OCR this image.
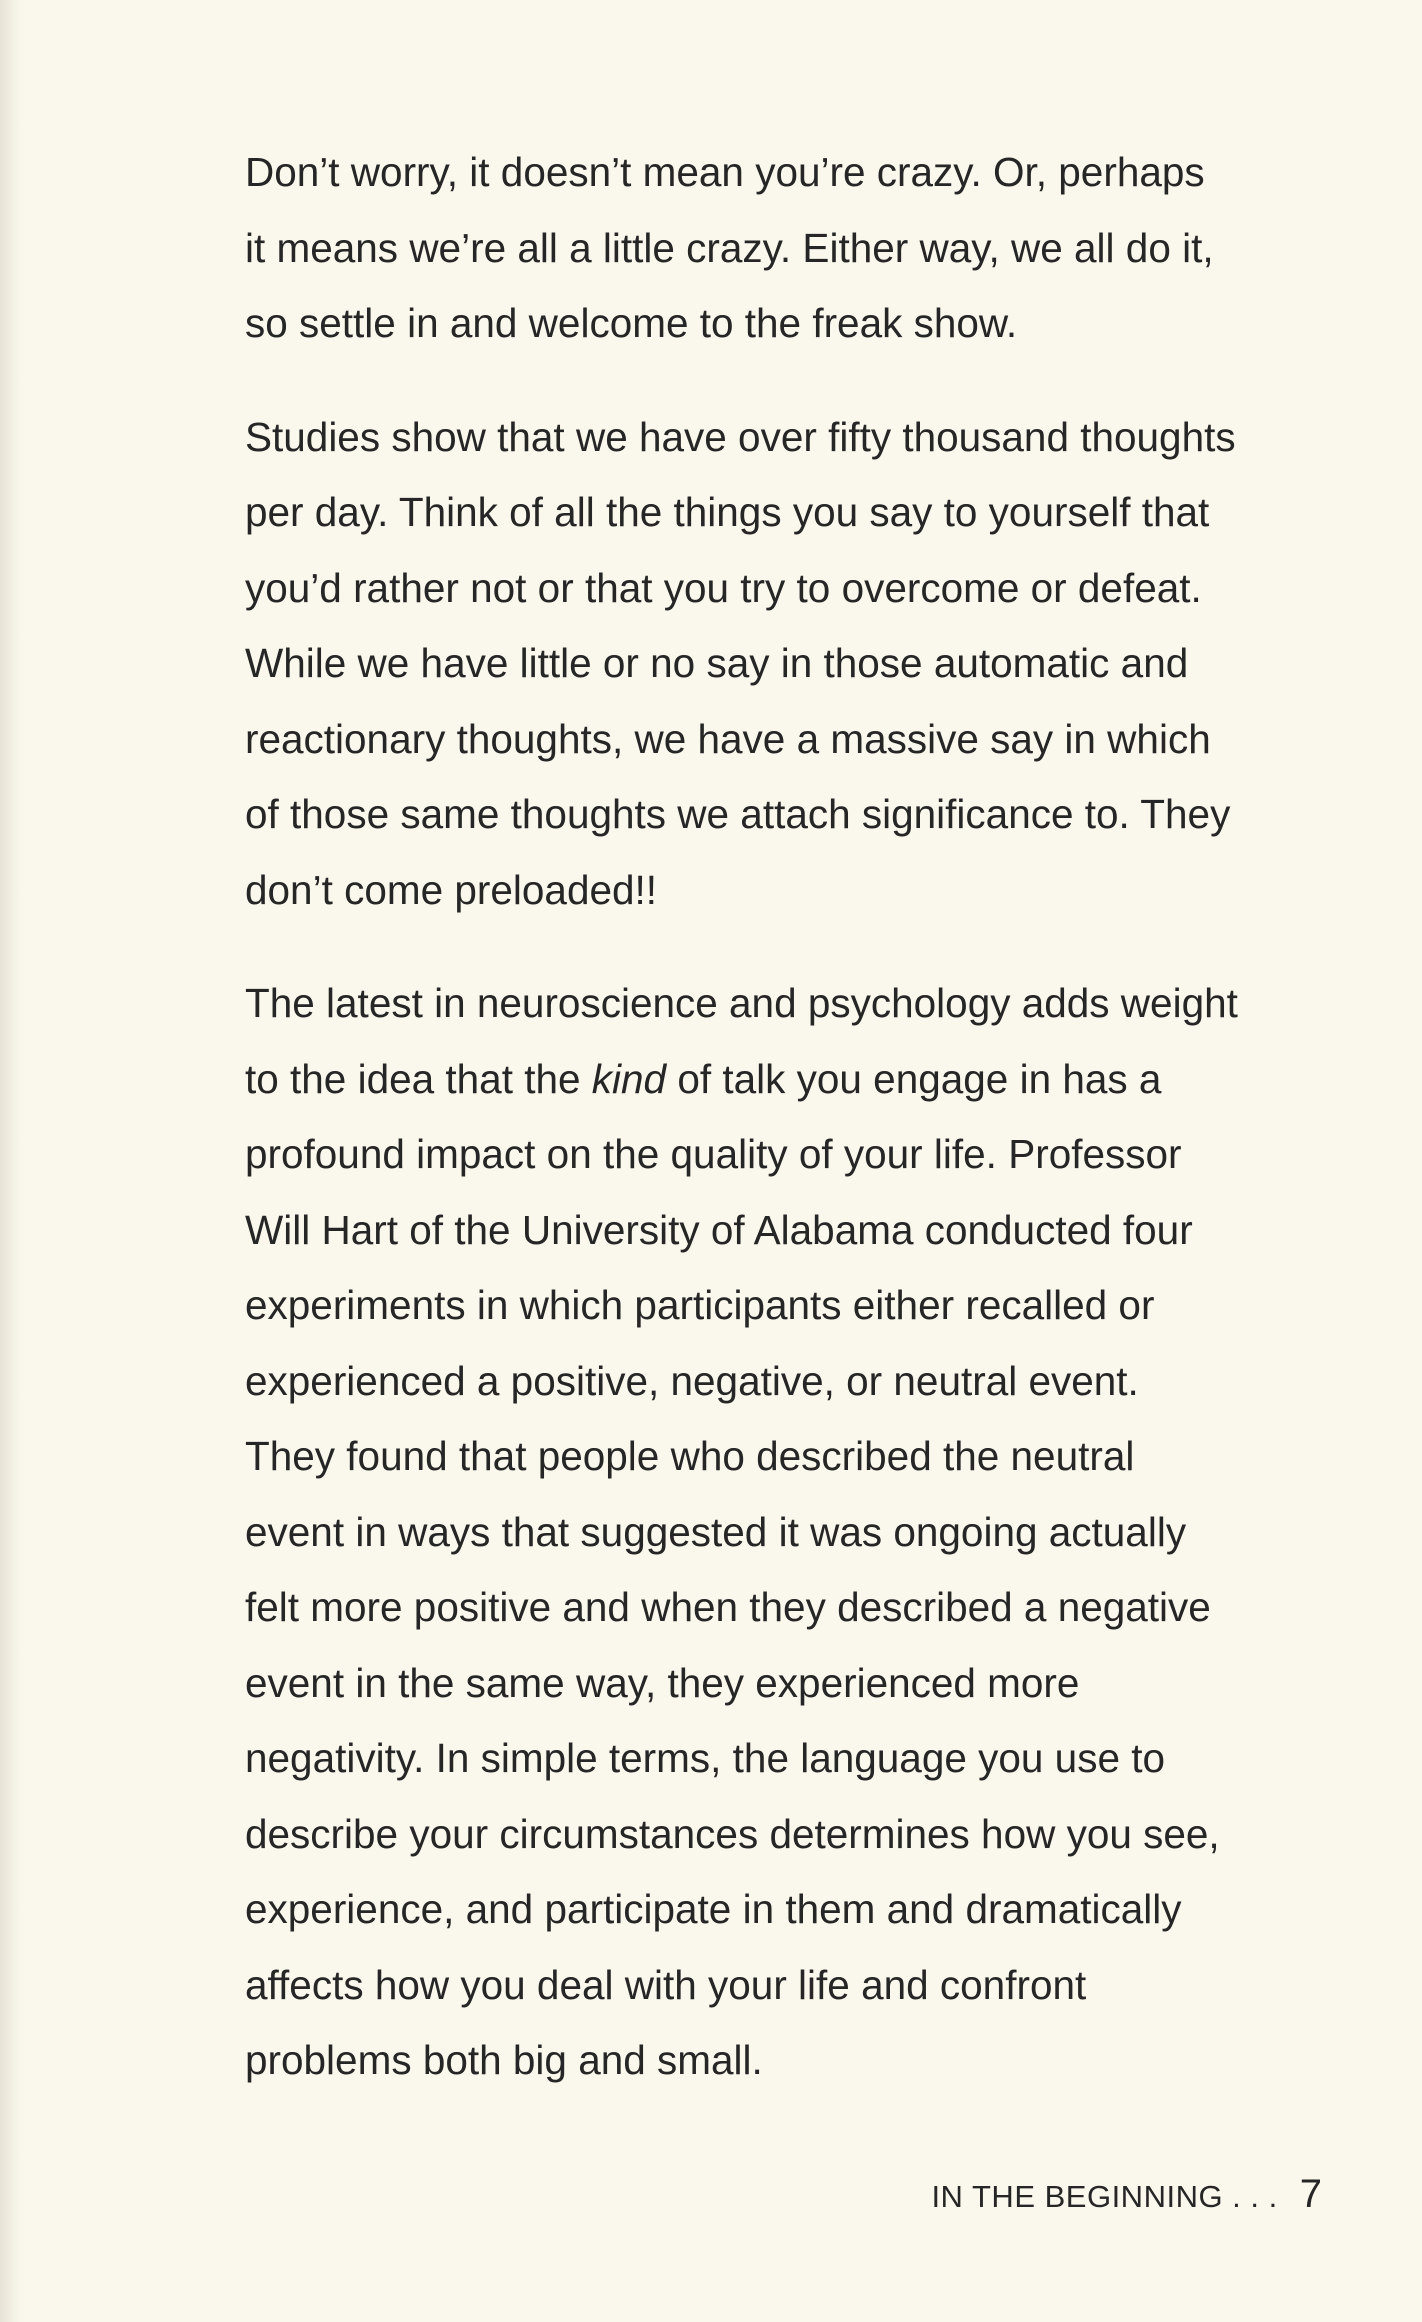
Don’t worry, it doesn’t mean you’re crazy. Or, perhaps
it means we’re all a little crazy. Either way, we all do it,
so settle in and welcome to the freak show.

Studies show that we have over fifty thousand thoughts
per day. Think of all the things you say to yourself that
you’d rather not or that you try to overcome or defeat.
While we have little or no say in those automatic and
reactionary thoughts, we have a massive say in which
of those same thoughts we attach significance to. They
don’t come preloaded!!

The latest in neuroscience and psychology adds weight
to the idea that the kind of talk you engage in has a
profound impact on the quality of your life. Professor
Will Hart of the University of Alabama conducted four
experiments in which participants either recalled or
experienced a positive, negative, or neutral event.
They found that people who described the neutral
event in ways that suggested it was ongoing actually
felt more positive and when they described a negative
event in the same way, they experienced more
negativity. In simple terms, the language you use to
describe your circumstances determines how you see,
experience, and participate in them and dramatically
affects how you deal with your life and confront
problems both big and small.

IN THE BEGINNING . . . 7
